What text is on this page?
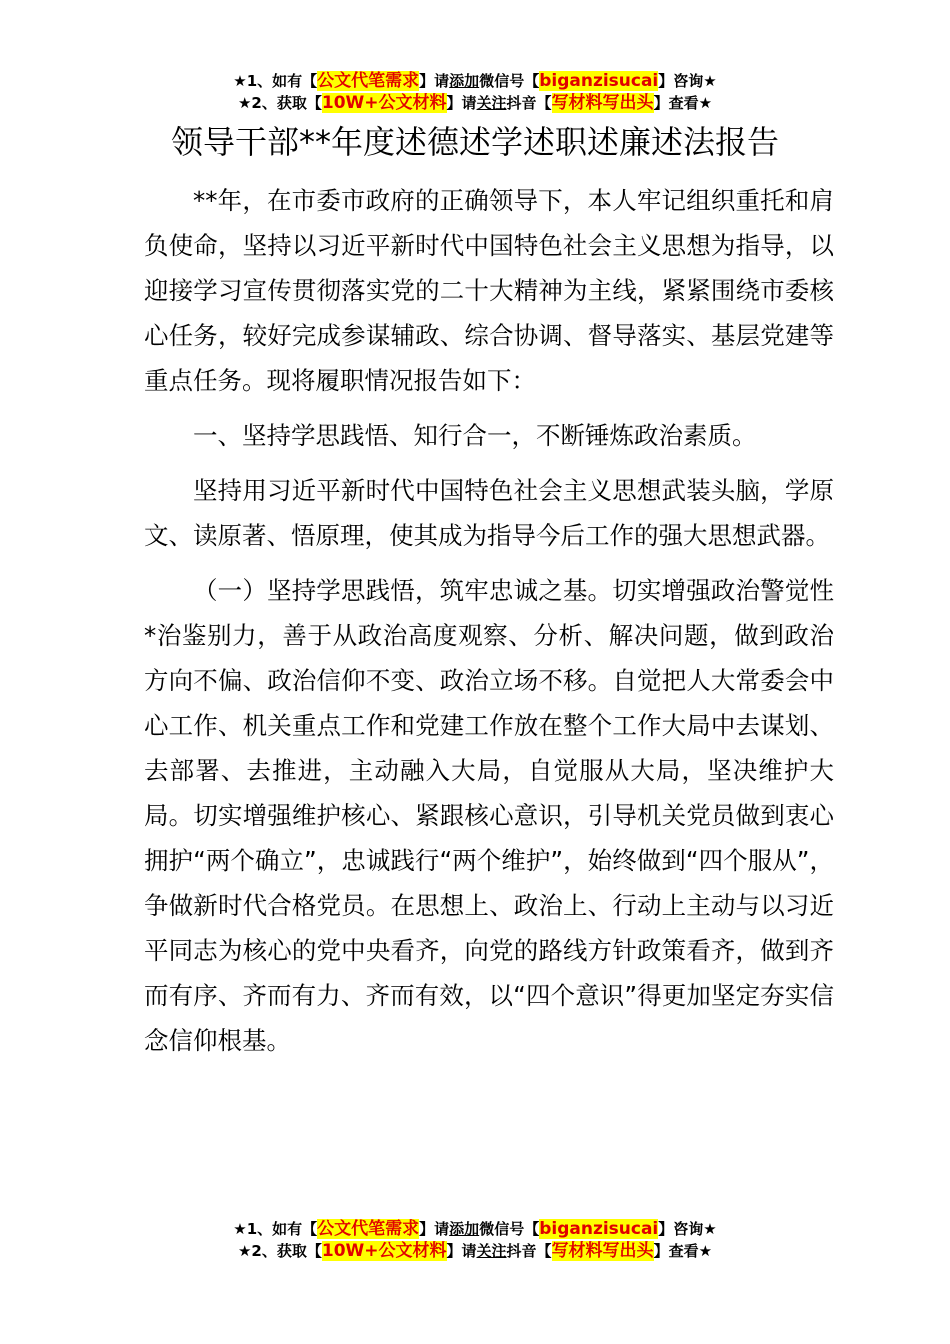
★1、如有【公文代笔需求】请添加微信号【biganzisucai】咨询★
★2、获取【10W+公文材料】请关注抖音【写材料写出头】查看★
领导干部**年度述德述学述职述廉述法报告

**年，在市委市政府的正确领导下，本人牢记组织重托和肩负使命，坚持以习近平新时代中国特色社会主义思想为指导，以迎接学习宣传贯彻落实党的二十大精神为主线，紧紧围绕市委核心任务，较好完成参谋辅政、综合协调、督导落实、基层党建等重点任务。现将履职情况报告如下：

一、坚持学思践悟、知行合一，不断锤炼政治素质。

坚持用习近平新时代中国特色社会主义思想武装头脑，学原文、读原著、悟原理，使其成为指导今后工作的强大思想武器。

（一）坚持学思践悟，筑牢忠诚之基。切实增强政治警觉性*治鉴别力，善于从政治高度观察、分析、解决问题，做到政治方向不偏、政治信仰不变、政治立场不移。自觉把人大常委会中心工作、机关重点工作和党建工作放在整个工作大局中去谋划、去部署、去推进，主动融入大局，自觉服从大局，坚决维护大局。切实增强维护核心、紧跟核心意识，引导机关党员做到衷心拥护“两个确立”，忠诚践行“两个维护”，始终做到“四个服从”，争做新时代合格党员。在思想上、政治上、行动上主动与以习近平同志为核心的党中央看齐，向党的路线方针政策看齐，做到齐而有序、齐而有力、齐而有效，以“四个意识”得更加坚定夯实信念信仰根基。

★1、如有【公文代笔需求】请添加微信号【biganzisucai】咨询★
★2、获取【10W+公文材料】请关注抖音【写材料写出头】查看★
